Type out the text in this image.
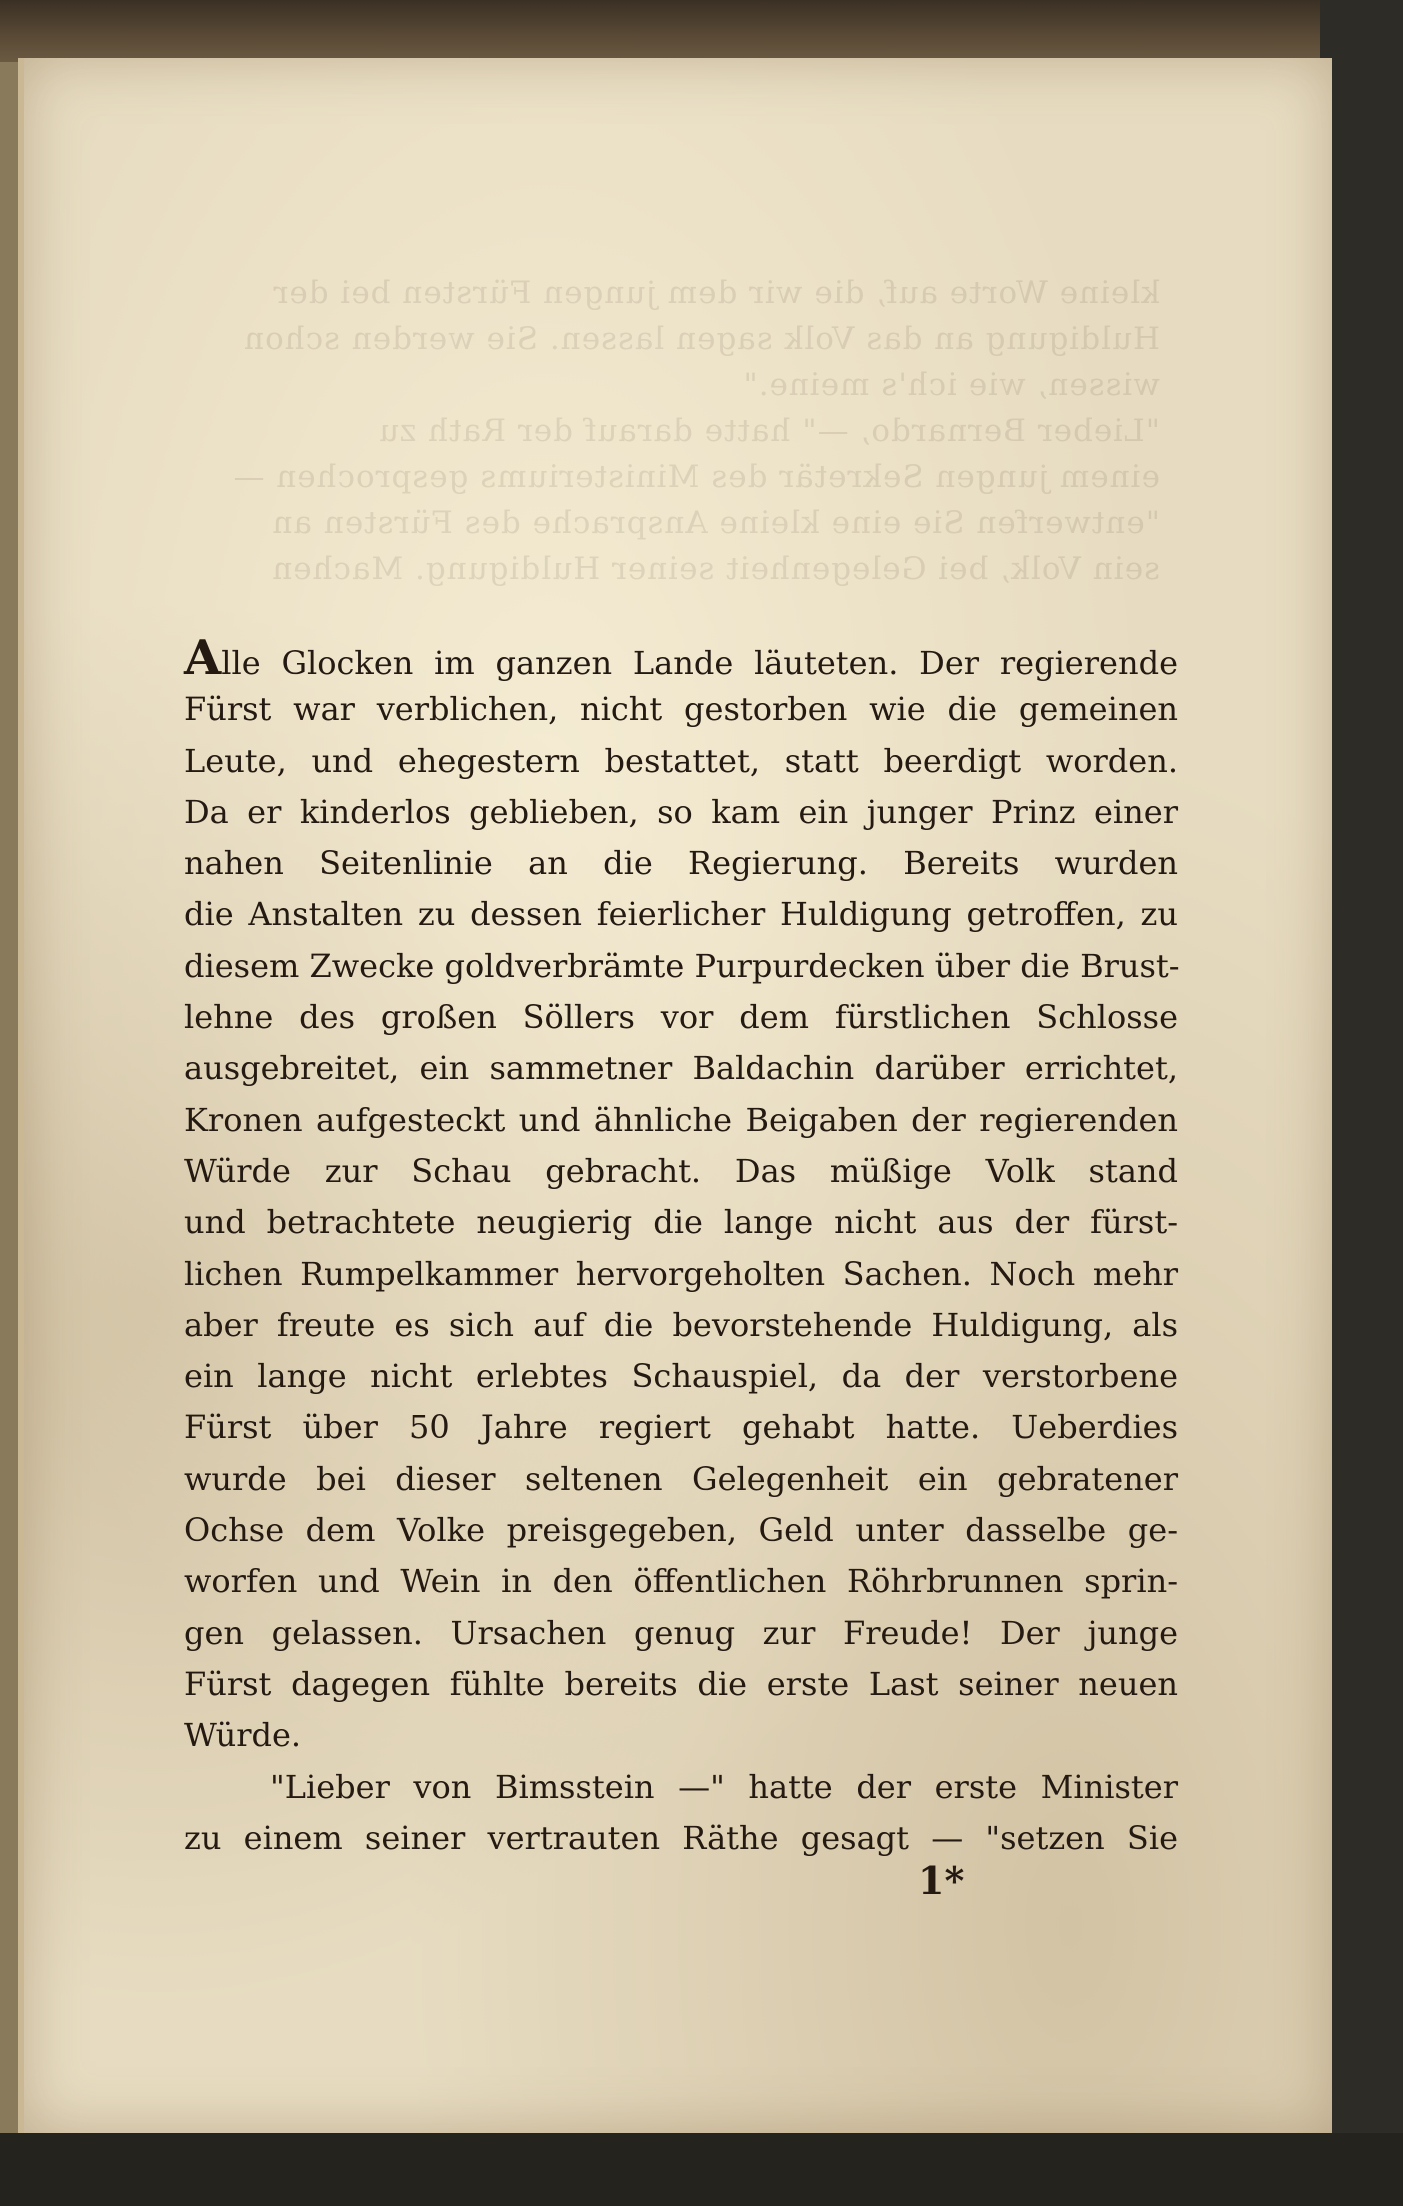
kleine Worte auf, die wir dem jungen Fürsten bei der
Huldigung an das Volk sagen lassen. Sie werden schon
wissen, wie ich's meine."
"Lieber Bernardo, —" hatte darauf der Rath zu
einem jungen Sekretär des Ministeriums gesprochen —
"entwerfen Sie eine kleine Ansprache des Fürsten an
sein Volk, bei Gelegenheit seiner Huldigung. Machen
Alle Glocken im ganzen Lande läuteten. Der regierende
Fürst war verblichen, nicht gestorben wie die gemeinen
Leute, und ehegestern bestattet, statt beerdigt worden.
Da er kinderlos geblieben, so kam ein junger Prinz einer
nahen Seitenlinie an die Regierung. Bereits wurden
die Anstalten zu dessen feierlicher Huldigung getroffen, zu
diesem Zwecke goldverbrämte Purpurdecken über die Brust-
lehne des großen Söllers vor dem fürstlichen Schlosse
ausgebreitet, ein sammetner Baldachin darüber errichtet,
Kronen aufgesteckt und ähnliche Beigaben der regierenden
Würde zur Schau gebracht. Das müßige Volk stand
und betrachtete neugierig die lange nicht aus der fürst-
lichen Rumpelkammer hervorgeholten Sachen. Noch mehr
aber freute es sich auf die bevorstehende Huldigung, als
ein lange nicht erlebtes Schauspiel, da der verstorbene
Fürst über 50 Jahre regiert gehabt hatte. Ueberdies
wurde bei dieser seltenen Gelegenheit ein gebratener
Ochse dem Volke preisgegeben, Geld unter dasselbe ge-
worfen und Wein in den öffentlichen Röhrbrunnen sprin-
gen gelassen. Ursachen genug zur Freude! Der junge
Fürst dagegen fühlte bereits die erste Last seiner neuen
Würde.
"Lieber von Bimsstein —" hatte der erste Minister
zu einem seiner vertrauten Räthe gesagt — "setzen Sie
1*
